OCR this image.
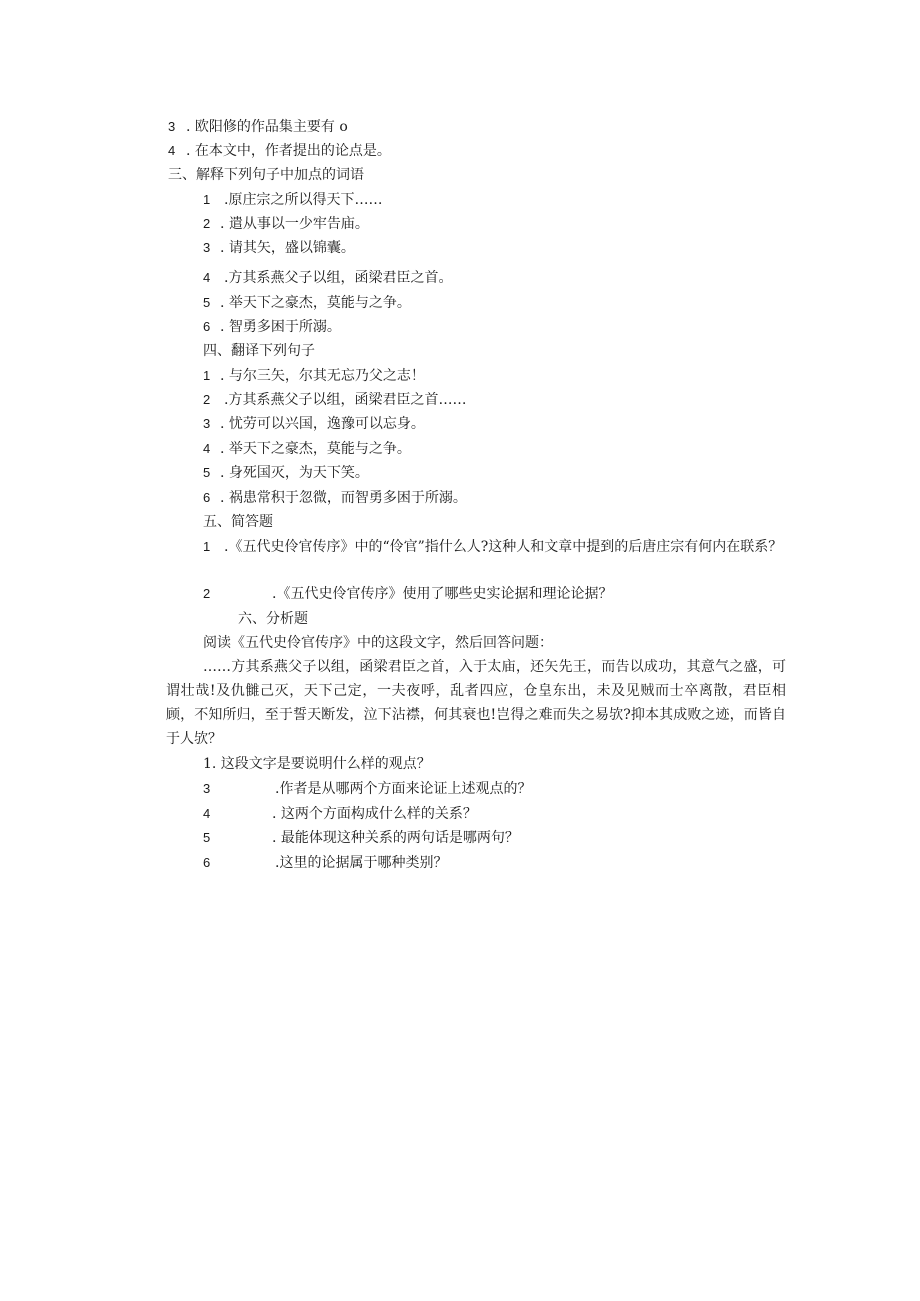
3 . 欧阳修的作品集主要有 o
4 . 在本文中，作者提出的论点是。
三、解释下列句子中加点的词语
1 .原庄宗之所以得天下……
2 . 遣从事以一少牢告庙。
3 . 请其矢，盛以锦囊。
4 .方其系燕父子以组，函梁君臣之首。
5 . 举天下之豪杰，莫能与之争。
6 . 智勇多困于所溺。
四、翻译下列句子
1 . 与尔三矢，尔其无忘乃父之志！
2 .方其系燕父子以组，函梁君臣之首……
3 . 忧劳可以兴国，逸豫可以忘身。
4 . 举天下之豪杰，莫能与之争。
5 . 身死国灭，为天下笑。
6 . 祸患常积于忽微，而智勇多困于所溺。
五、简答题
1 .《五代史伶官传序》中的“伶官”指什么人?这种人和文章中提到的后唐庄宗有何内在联系？
2	.《五代史伶官传序》使用了哪些史实论据和理论论据？
六、分析题
阅读《五代史伶官传序》中的这段文字，然后回答问题：
……方其系燕父子以组，函梁君臣之首，入于太庙，还矢先王，而告以成功，其意气之盛，可谓壮哉!及仇雠己灭，天下己定，一夫夜呼，乱者四应，仓皇东出，未及见贼而士卒离散，君臣相顾，不知所归，至于誓天断发，泣下沾襟，何其衰也!岂得之难而失之易欤?抑本其成败之迹，而皆自于人欤？
1. 这段文字是要说明什么样的观点？
3	.作者是从哪两个方面来论证上述观点的？
4	. 这两个方面构成什么样的关系？
5	. 最能体现这种关系的两句话是哪两句？
6	.这里的论据属于哪种类别？
